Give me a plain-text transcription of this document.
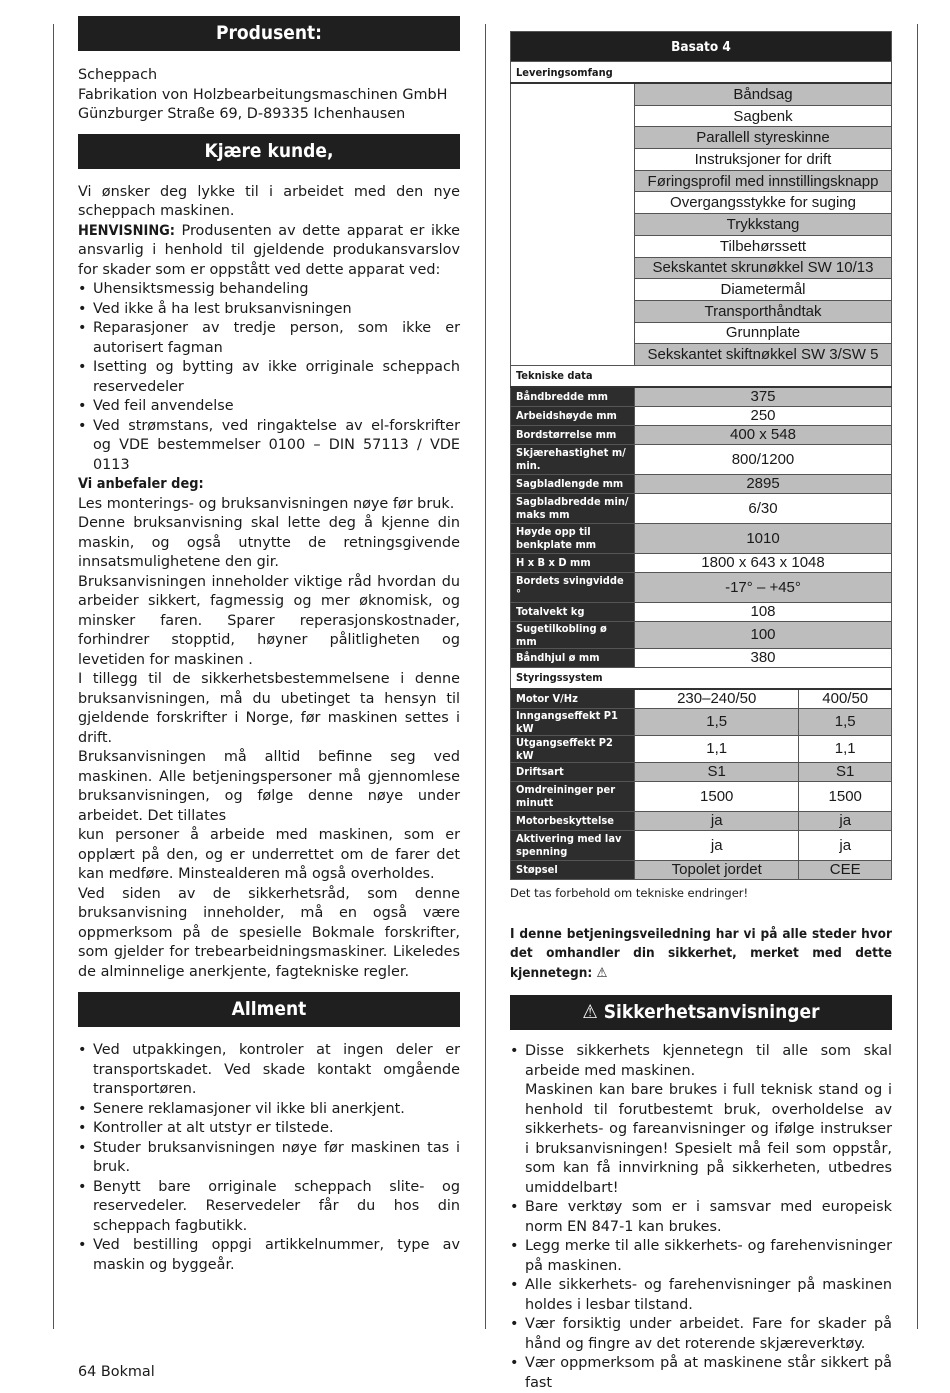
Produsent:
Scheppach
Fabrikation von Holzbearbeitungsmaschinen GmbH
Günzburger Straße 69, D-89335 Ichenhausen
Kjære kunde,

Vi ønsker deg lykke til i arbeidet med den nye scheppach maskinen.

HENVISNING: Produsenten av dette apparat er ikke ansvarlig i henhold til gjeldende produkansvarslov for skader som er oppstått ved dette apparat ved:

• Uhensiktsmessig behandeling
• Ved ikke å ha lest bruksanvisningen
• Reparasjoner av tredje person, som ikke er autorisert fagman
• Isetting og bytting av ikke orriginale scheppach reservedeler
• Ved feil anvendelse
• Ved strømstans, ved ringaktelse av el-forskrifter og VDE bestemmelser 0100 – DIN 57113 / VDE 0113
Vi anbefaler deg:

Les monterings- og bruksanvisningen nøye før bruk.

Denne bruksanvisning skal lette deg å kjenne din maskin, og også utnytte de retningsgivende innsatsmulighetene den gir.

Bruksanvisningen inneholder viktige råd hvordan du arbeider sikkert, fagmessig og mer øknomisk, og minsker faren. Sparer reperasjonskostnader, forhindrer stopptid, høyner pålitligheten og levetiden for maskinen .

I tillegg til de sikkerhetsbestemmelsene i denne bruksanvisningen, må du ubetinget ta hensyn til gjeldende forskrifter i Norge, før maskinen settes i drift.

Bruksanvisningen må alltid befinne seg ved maskinen. Alle betjeningspersoner må gjennomlese bruksanvisningen, og følge denne nøye under arbeidet. Det tillates

kun personer å arbeide med maskinen, som er opplært på den, og er underrettet om de farer det kan medføre. Minstealderen må også overholdes.

Ved siden av de sikkerhetsråd, som denne bruksanvisning inneholder, må en også være oppmerksom på de spesielle Bokmale forskrifter, som gjelder for trebearbeidningsmaskiner. Likeledes de alminnelige anerkjente, fagtekniske regler.

Allment
• Ved utpakkingen, kontroler at ingen deler er transportskadet. Ved skade kontakt omgående transportøren.
• Senere reklamasjoner vil ikke bli anerkjent.
• Kontroller at alt utstyr er tilstede.
• Studer bruksanvisningen nøye før maskinen tas i bruk.
• Benytt bare orriginale scheppach slite- og reservedeler. Reservedeler får du hos din scheppach fagbutikk.
• Ved bestilling oppgi artikkelnummer, type av maskin og byggeår.
Basato 4		
Leveringsomfang		
	Båndsag	
	Sagbenk	
	Parallell styreskinne	
	Instruksjoner for drift	
	Føringsprofil med innstillingsknapp	
	Overgangsstykke for suging	
	Trykkstang	
	Tilbehørssett	
	Sekskantet skrunøkkel SW 10/13	
	Diametermål	
	Transporthåndtak	
	Grunnplate	
	Sekskantet skiftnøkkel SW 3/SW 5	
Tekniske data		
Båndbredde mm	375	
Arbeidshøyde mm	250	
Bordstørrelse mm	400 x 548	
Skjærehastighet m/ min.	800/1200	
Sagbladlengde mm	2895	
Sagbladbredde min/ maks mm	6/30	
Høyde opp til benkplate mm	1010	
H x B x D mm	1800 x 643 x 1048	
Bordets svingvidde °	-17° – +45°	
Totalvekt kg	108	
Sugetilkobling ø mm	100	
Båndhjul ø mm	380	
Styringssystem		
Motor V/Hz	230–240/50	400/50
Inngangseffekt P1 kW	1,5	1,5
Utgangseffekt P2 kW	1,1	1,1
Driftsart	S1	S1
Omdreininger per minutt	1500	1500
Motorbeskyttelse	ja	ja
Aktivering med lav spenning	ja	ja
Støpsel	Topolet jordet	CEE
Det tas forbehold om tekniske endringer!
I denne betjeningsveiledning har vi på alle steder hvor det omhandler din sikkerhet, merket med dette kjennetegn: ⚠
⚠ Sikkerhetsanvisninger
• Disse sikkerhets kjennetegn til alle som skal arbeide med maskinen.
Maskinen kan bare brukes i full teknisk stand og i henhold til forutbestemt bruk, overholdelse av sikkerhets- og fareanvisninger og ifølge instrukser i bruksanvisningen! Spesielt må feil som oppstår, som kan få innvirkning på sikkerheten, utbedres umiddelbart!
• Bare verktøy som er i samsvar med europeisk norm EN 847-1 kan brukes.
• Legg merke til alle sikkerhets- og farehenvisninger på maskinen.
• Alle sikkerhets- og farehenvisninger på maskinen holdes i lesbar tilstand.
• Vær forsiktig under arbeidet. Fare for skader på hånd og fingre av det roterende skjæreverktøy.
• Vær oppmerksom på at maskinene står sikkert på fast
64 Bokmal
